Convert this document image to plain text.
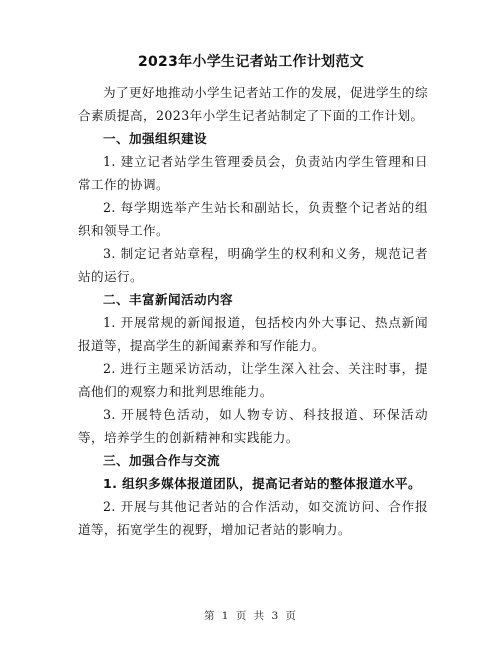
2023年小学生记者站工作计划范文

为了更好地推动小学生记者站工作的发展，促进学生的综合素质提高，2023年小学生记者站制定了下面的工作计划。

一、加强组织建设

1. 建立记者站学生管理委员会，负责站内学生管理和日常工作的协调。

2. 每学期选举产生站长和副站长，负责整个记者站的组织和领导工作。

3. 制定记者站章程，明确学生的权利和义务，规范记者站的运行。

二、丰富新闻活动内容

1. 开展常规的新闻报道，包括校内外大事记、热点新闻报道等，提高学生的新闻素养和写作能力。

2. 进行主题采访活动，让学生深入社会、关注时事，提高他们的观察力和批判思维能力。

3. 开展特色活动，如人物专访、科技报道、环保活动等，培养学生的创新精神和实践能力。

三、加强合作与交流

1. 组织多媒体报道团队，提高记者站的整体报道水平。

2. 开展与其他记者站的合作活动，如交流访问、合作报道等，拓宽学生的视野，增加记者站的影响力。

第 1 页 共 3 页
